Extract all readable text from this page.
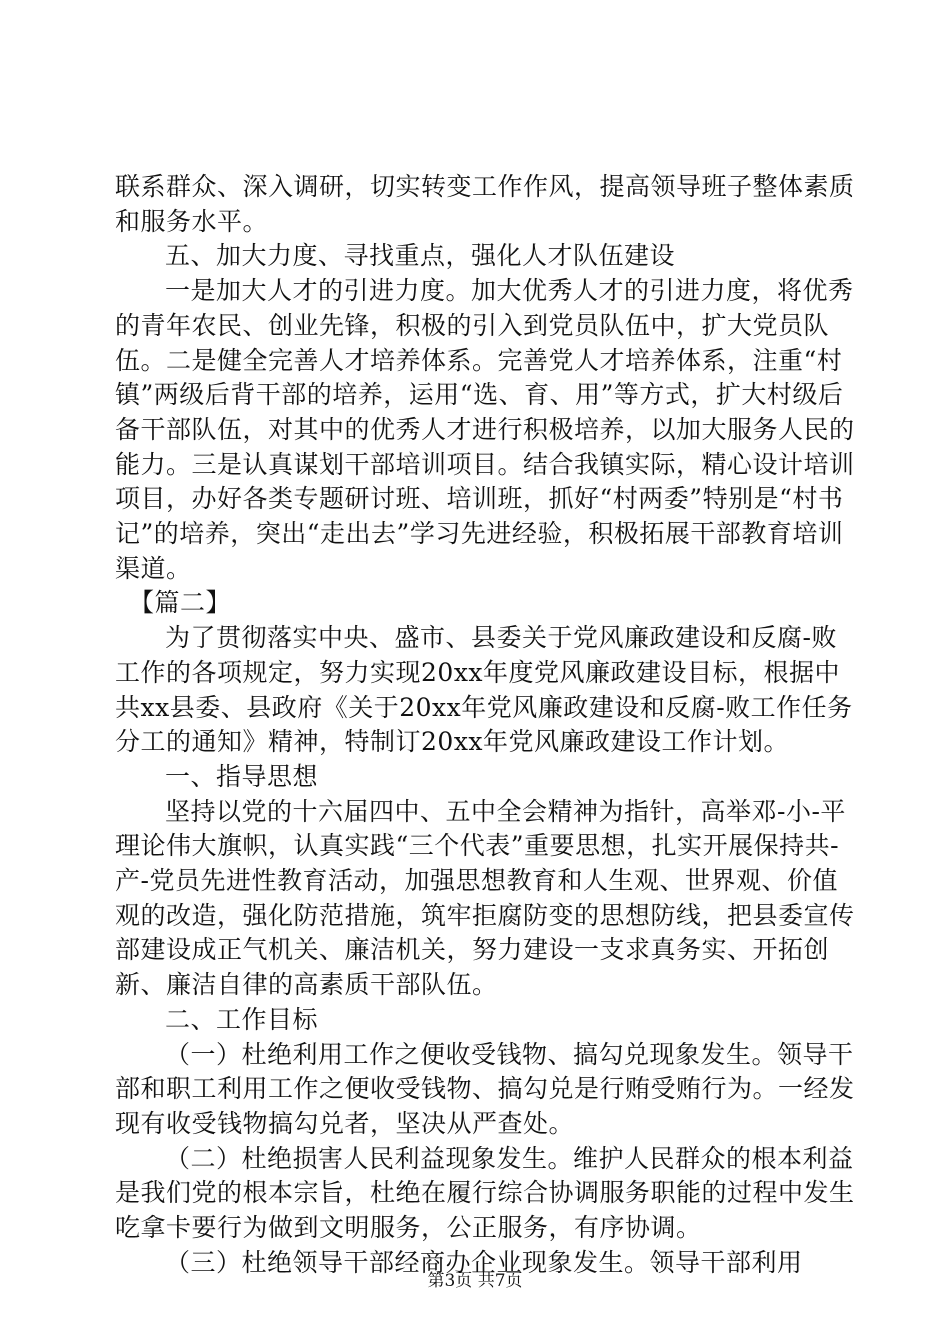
联系群众、深入调研，切实转变工作作风，提高领导班子整体素质和服务水平。

五、加大力度、寻找重点，强化人才队伍建设

一是加大人才的引进力度。加大优秀人才的引进力度，将优秀的青年农民、创业先锋，积极的引入到党员队伍中，扩大党员队伍。二是健全完善人才培养体系。完善党人才培养体系，注重“村镇”两级后背干部的培养，运用“选、育、用”等方式，扩大村级后备干部队伍，对其中的优秀人才进行积极培养，以加大服务人民的能力。三是认真谋划干部培训项目。结合我镇实际，精心设计培训项目，办好各类专题研讨班、培训班，抓好“村两委”特别是“村书记”的培养，突出“走出去”学习先进经验，积极拓展干部教育培训渠道。

【篇二】

为了贯彻落实中央、盛市、县委关于党风廉政建设和反腐-败工作的各项规定，努力实现20xx年度党风廉政建设目标，根据中共xx县委、县政府《关于20xx年党风廉政建设和反腐-败工作任务分工的通知》精神，特制订20xx年党风廉政建设工作计划。

一、指导思想

坚持以党的十六届四中、五中全会精神为指针，高举邓-小-平理论伟大旗帜，认真实践“三个代表”重要思想，扎实开展保持共-产-党员先进性教育活动，加强思想教育和人生观、世界观、价值观的改造，强化防范措施，筑牢拒腐防变的思想防线，把县委宣传部建设成正气机关、廉洁机关，努力建设一支求真务实、开拓创新、廉洁自律的高素质干部队伍。

二、工作目标

（一）杜绝利用工作之便收受钱物、搞勾兑现象发生。领导干部和职工利用工作之便收受钱物、搞勾兑是行贿受贿行为。一经发现有收受钱物搞勾兑者，坚决从严查处。

（二）杜绝损害人民利益现象发生。维护人民群众的根本利益是我们党的根本宗旨，杜绝在履行综合协调服务职能的过程中发生吃拿卡要行为做到文明服务，公正服务，有序协调。

（三）杜绝领导干部经商办企业现象发生。领导干部利用

第3页 共7页
